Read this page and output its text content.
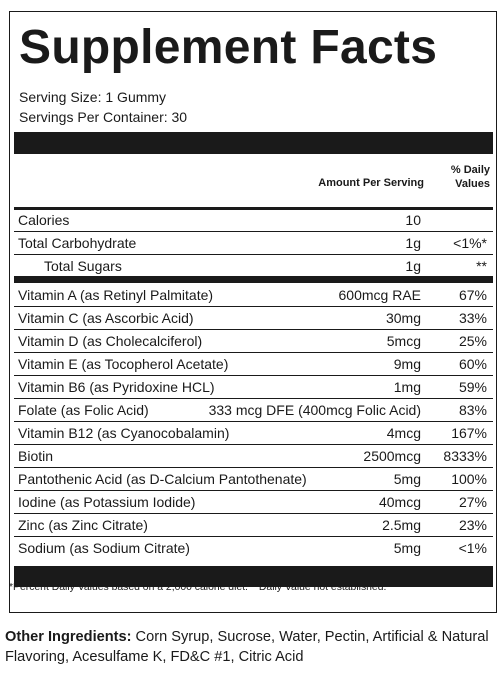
Supplement Facts
Serving Size: 1 Gummy
Servings Per Container: 30
Amount Per Serving
% Daily
Values
Calories	10
Total Carbohydrate	1g <1%*
Total Sugars	1g	**
Vitamin A (as Retinyl Palmitate)	600mcg RAE	67%
Vitamin C (as Ascorbic Acid)	30mg	33%
Vitamin D (as Cholecalciferol)	5mcg	25%
Vitamin E (as Tocopherol Acetate)	9mg	60%
Vitamin B6 (as Pyridoxine HCL)	1mg	59%
Folate (as Folic Acid)	333 mcg DFE (400mcg Folic Acid)	83%
Vitamin B12 (as Cyanocobalamin)	4mcg 167%
Biotin	2500mcg 8333%
Pantothenic Acid (as D-Calcium Pantothenate)	5mg 100%
Iodine (as Potassium Iodide)	40mcg	27%
Zinc (as Zinc Citrate)	2.5mg	23%
Sodium (as Sodium Citrate)	5mg	<1%
*Percent Daily Values based on a 2,000 calorie diet. **Daily Value not established.
Other Ingredients: Corn Syrup, Sucrose, Water, Pectin, Artificial & Natural Flavoring, Acesulfame K, FD&C #1, Citric Acid
